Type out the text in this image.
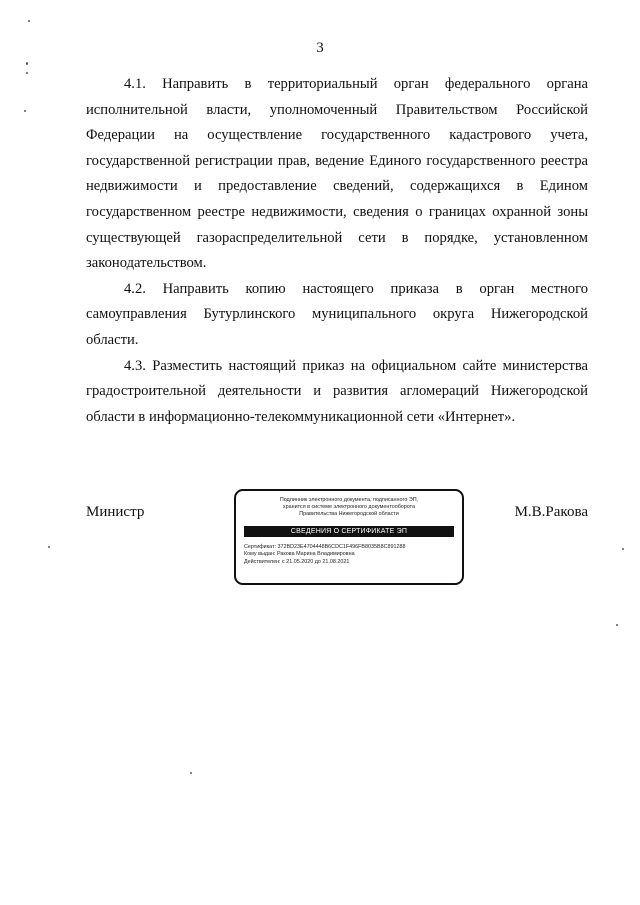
3

4.1. Направить в территориальный орган федерального органа
исполнительной власти, уполномоченный Правительством Российской
Федерации на осуществление государственного кадастрового учета,
государственной регистрации прав, ведение Единого государственного реестра
недвижимости и предоставление сведений, содержащихся в Едином
государственном реестре недвижимости, сведения о границах охранной зоны
существующей газораспределительной сети в порядке, установленном
законодательством.

4.2. Направить копию настоящего приказа в орган местного
самоуправления Бутурлинского муниципального округа Нижегородской
области.

4.3. Разместить настоящий приказ на официальном сайте министерства
градостроительной деятельности и развития агломераций Нижегородской
области в информационно-телекоммуникационной сети «Интернет».

Министр
Подлинник электронного документа, подписанного ЭП,
хранится в системе электронного документооборота
Правительства Нижегородской области
СВЕДЕНИЯ О СЕРТИФИКАТЕ ЭП
Сертификат: 372BD23E4704448B6CDC1F496FB8035B8C891288
Кому выдан: Ракова Марина Владимировна
Действителен: с 21.05.2020 до 21.08.2021
М.В.Ракова
